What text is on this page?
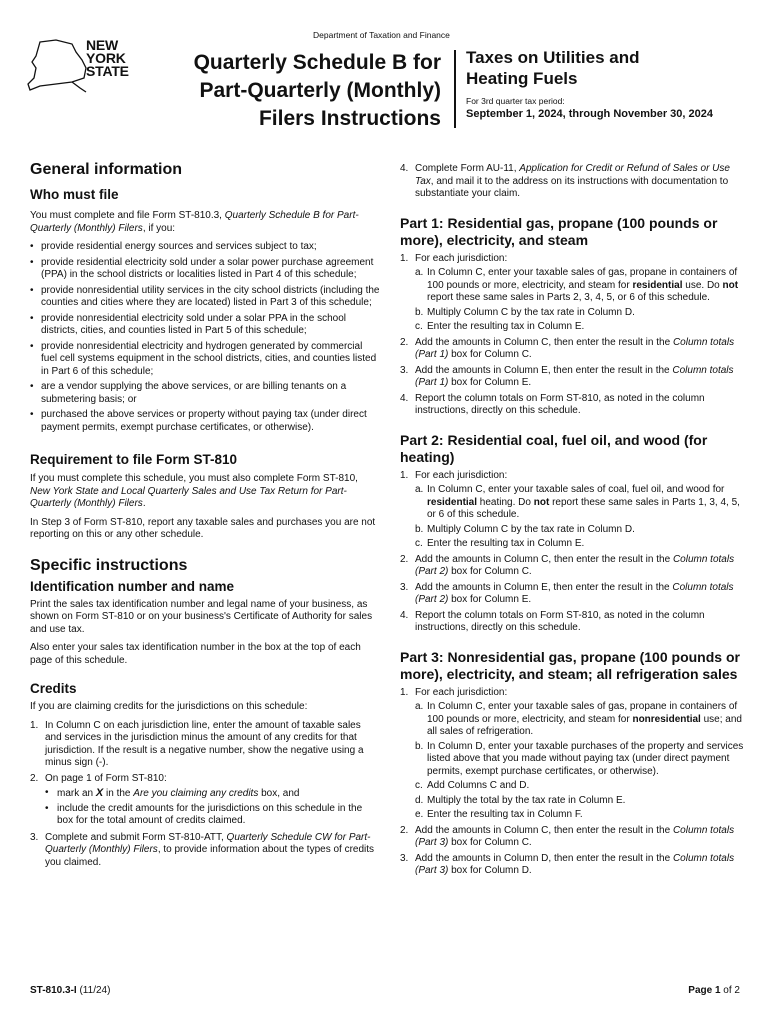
Department of Taxation and Finance
NEW
YORK
STATE	Quarterly Schedule B for
Part-Quarterly (Monthly)
Filers Instructions
Taxes on Utilities and
Heating Fuels
For 3rd quarter tax period:
September 1, 2024, through November 30, 2024
General information
Who must file

You must complete and file Form ST-810.3, Quarterly Schedule B for Part-Quarterly (Monthly) Filers, if you:

• provide residential energy sources and services subject to tax;
• provide residential electricity sold under a solar power purchase agreement (PPA) in the school districts or localities listed in Part 4 of this schedule;
• provide nonresidential utility services in the city school districts (including the counties and cities where they are located) listed in Part 3 of this schedule;
• provide nonresidential electricity sold under a solar PPA in the school districts, cities, and counties listed in Part 5 of this schedule;
• provide nonresidential electricity and hydrogen generated by commercial fuel cell systems equipment in the school districts, cities, and counties listed in Part 6 of this schedule;
• are a vendor supplying the above services, or are billing tenants on a submetering basis; or
• purchased the above services or property without paying tax (under direct payment permits, exempt purchase certificates, or otherwise).
Requirement to file Form ST-810

If you must complete this schedule, you must also complete Form ST-810, New York State and Local Quarterly Sales and Use Tax Return for Part-Quarterly (Monthly) Filers.

In Step 3 of Form ST-810, report any taxable sales and purchases you are not reporting on this or any other schedule.

Specific instructions
Identification number and name

Print the sales tax identification number and legal name of your business, as shown on Form ST-810 or on your business's Certificate of Authority for sales and use tax.

Also enter your sales tax identification number in the box at the top of each page of this schedule.

Credits

If you are claiming credits for the jurisdictions on this schedule:

1. In Column C on each jurisdiction line, enter the amount of taxable sales and services in the jurisdiction minus the amount of any credits for that jurisdiction. If the result is a negative number, show the negative using a minus sign (-).
2. On page 1 of Form ST-810:
• mark an X in the Are you claiming any credits box, and
• include the credit amounts for the jurisdictions on this schedule in the box for the total amount of credits claimed.
3. Complete and submit Form ST-810-ATT, Quarterly Schedule CW for Part-Quarterly (Monthly) Filers, to provide information about the types of credits you claimed.
4. Complete Form AU-11, Application for Credit or Refund of Sales or Use Tax, and mail it to the address on its instructions with documentation to substantiate your claim.
Part 1: Residential gas, propane (100 pounds or more), electricity, and steam
1. For each jurisdiction:
a. In Column C, enter your taxable sales of gas, propane in containers of 100 pounds or more, electricity, and steam for residential use. Do not report these same sales in Parts 2, 3, 4, 5, or 6 of this schedule.
b. Multiply Column C by the tax rate in Column D.
c. Enter the resulting tax in Column E.
2. Add the amounts in Column C, then enter the result in the Column totals (Part 1) box for Column C.
3. Add the amounts in Column E, then enter the result in the Column totals (Part 1) box for Column E.
4. Report the column totals on Form ST-810, as noted in the column instructions, directly on this schedule.
Part 2: Residential coal, fuel oil, and wood (for heating)
1. For each jurisdiction:
a. In Column C, enter your taxable sales of coal, fuel oil, and wood for residential heating. Do not report these same sales in Parts 1, 3, 4, 5, or 6 of this schedule.
b. Multiply Column C by the tax rate in Column D.
c. Enter the resulting tax in Column E.
2. Add the amounts in Column C, then enter the result in the Column totals (Part 2) box for Column C.
3. Add the amounts in Column E, then enter the result in the Column totals (Part 2) box for Column E.
4. Report the column totals on Form ST-810, as noted in the column instructions, directly on this schedule.
Part 3: Nonresidential gas, propane (100 pounds or more), electricity, and steam; all refrigeration sales
1. For each jurisdiction:
a. In Column C, enter your taxable sales of gas, propane in containers of 100 pounds or more, electricity, and steam for nonresidential use; and all sales of refrigeration.
b. In Column D, enter your taxable purchases of the property and services listed above that you made without paying tax (under direct payment permits, exempt purchase certificates, or otherwise).
c. Add Columns C and D.
d. Multiply the total by the tax rate in Column E.
e. Enter the resulting tax in Column F.
2. Add the amounts in Column C, then enter the result in the Column totals (Part 3) box for Column C.
3. Add the amounts in Column D, then enter the result in the Column totals (Part 3) box for Column D.
ST-810.3-I (11/24)	Page 1 of 2
